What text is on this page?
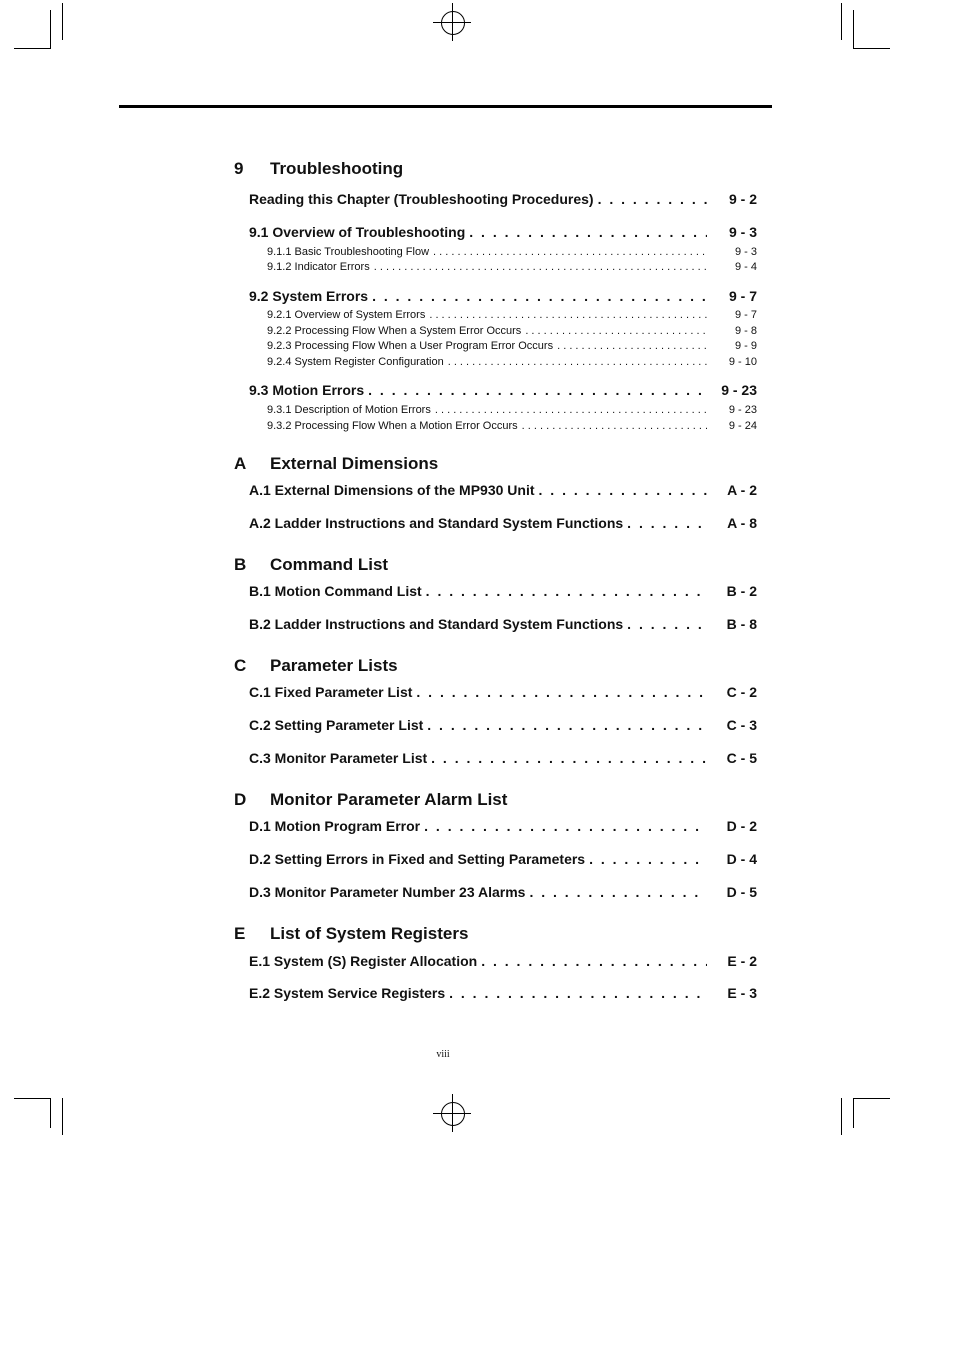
9 Troubleshooting
Reading this Chapter (Troubleshooting Procedures) . . .	9 - 2
9.1 Overview of Troubleshooting . . .	9 - 3
9.1.1 Basic Troubleshooting Flow . . .	9 - 3
9.1.2 Indicator Errors . . .	9 - 4
9.2 System Errors . . .	9 - 7
9.2.1 Overview of System Errors . . .	9 - 7
9.2.2 Processing Flow When a System Error Occurs . . .	9 - 8
9.2.3 Processing Flow When a User Program Error Occurs . . .	9 - 9
9.2.4 System Register Configuration . . .	9 - 10
9.3 Motion Errors . . .	9 - 23
9.3.1 Description of Motion Errors . . .	9 - 23
9.3.2 Processing Flow When a Motion Error Occurs . . .	9 - 24
A External Dimensions
A.1 External Dimensions of the MP930 Unit . . .	A - 2
A.2 Ladder Instructions and Standard System Functions . . .	A - 8
B Command List
B.1 Motion Command List . . .	B - 2
B.2 Ladder Instructions and Standard System Functions . . .	B - 8
C Parameter Lists
C.1 Fixed Parameter List . . .	C - 2
C.2 Setting Parameter List . . .	C - 3
C.3 Monitor Parameter List . . .	C - 5
D Monitor Parameter Alarm List
D.1 Motion Program Error . . .	D - 2
D.2 Setting Errors in Fixed and Setting Parameters . . .	D - 4
D.3 Monitor Parameter Number 23 Alarms . . .	D - 5
E List of System Registers
E.1 System (S) Register Allocation . . .	E - 2
E.2 System Service Registers . . .	E - 3
viii
